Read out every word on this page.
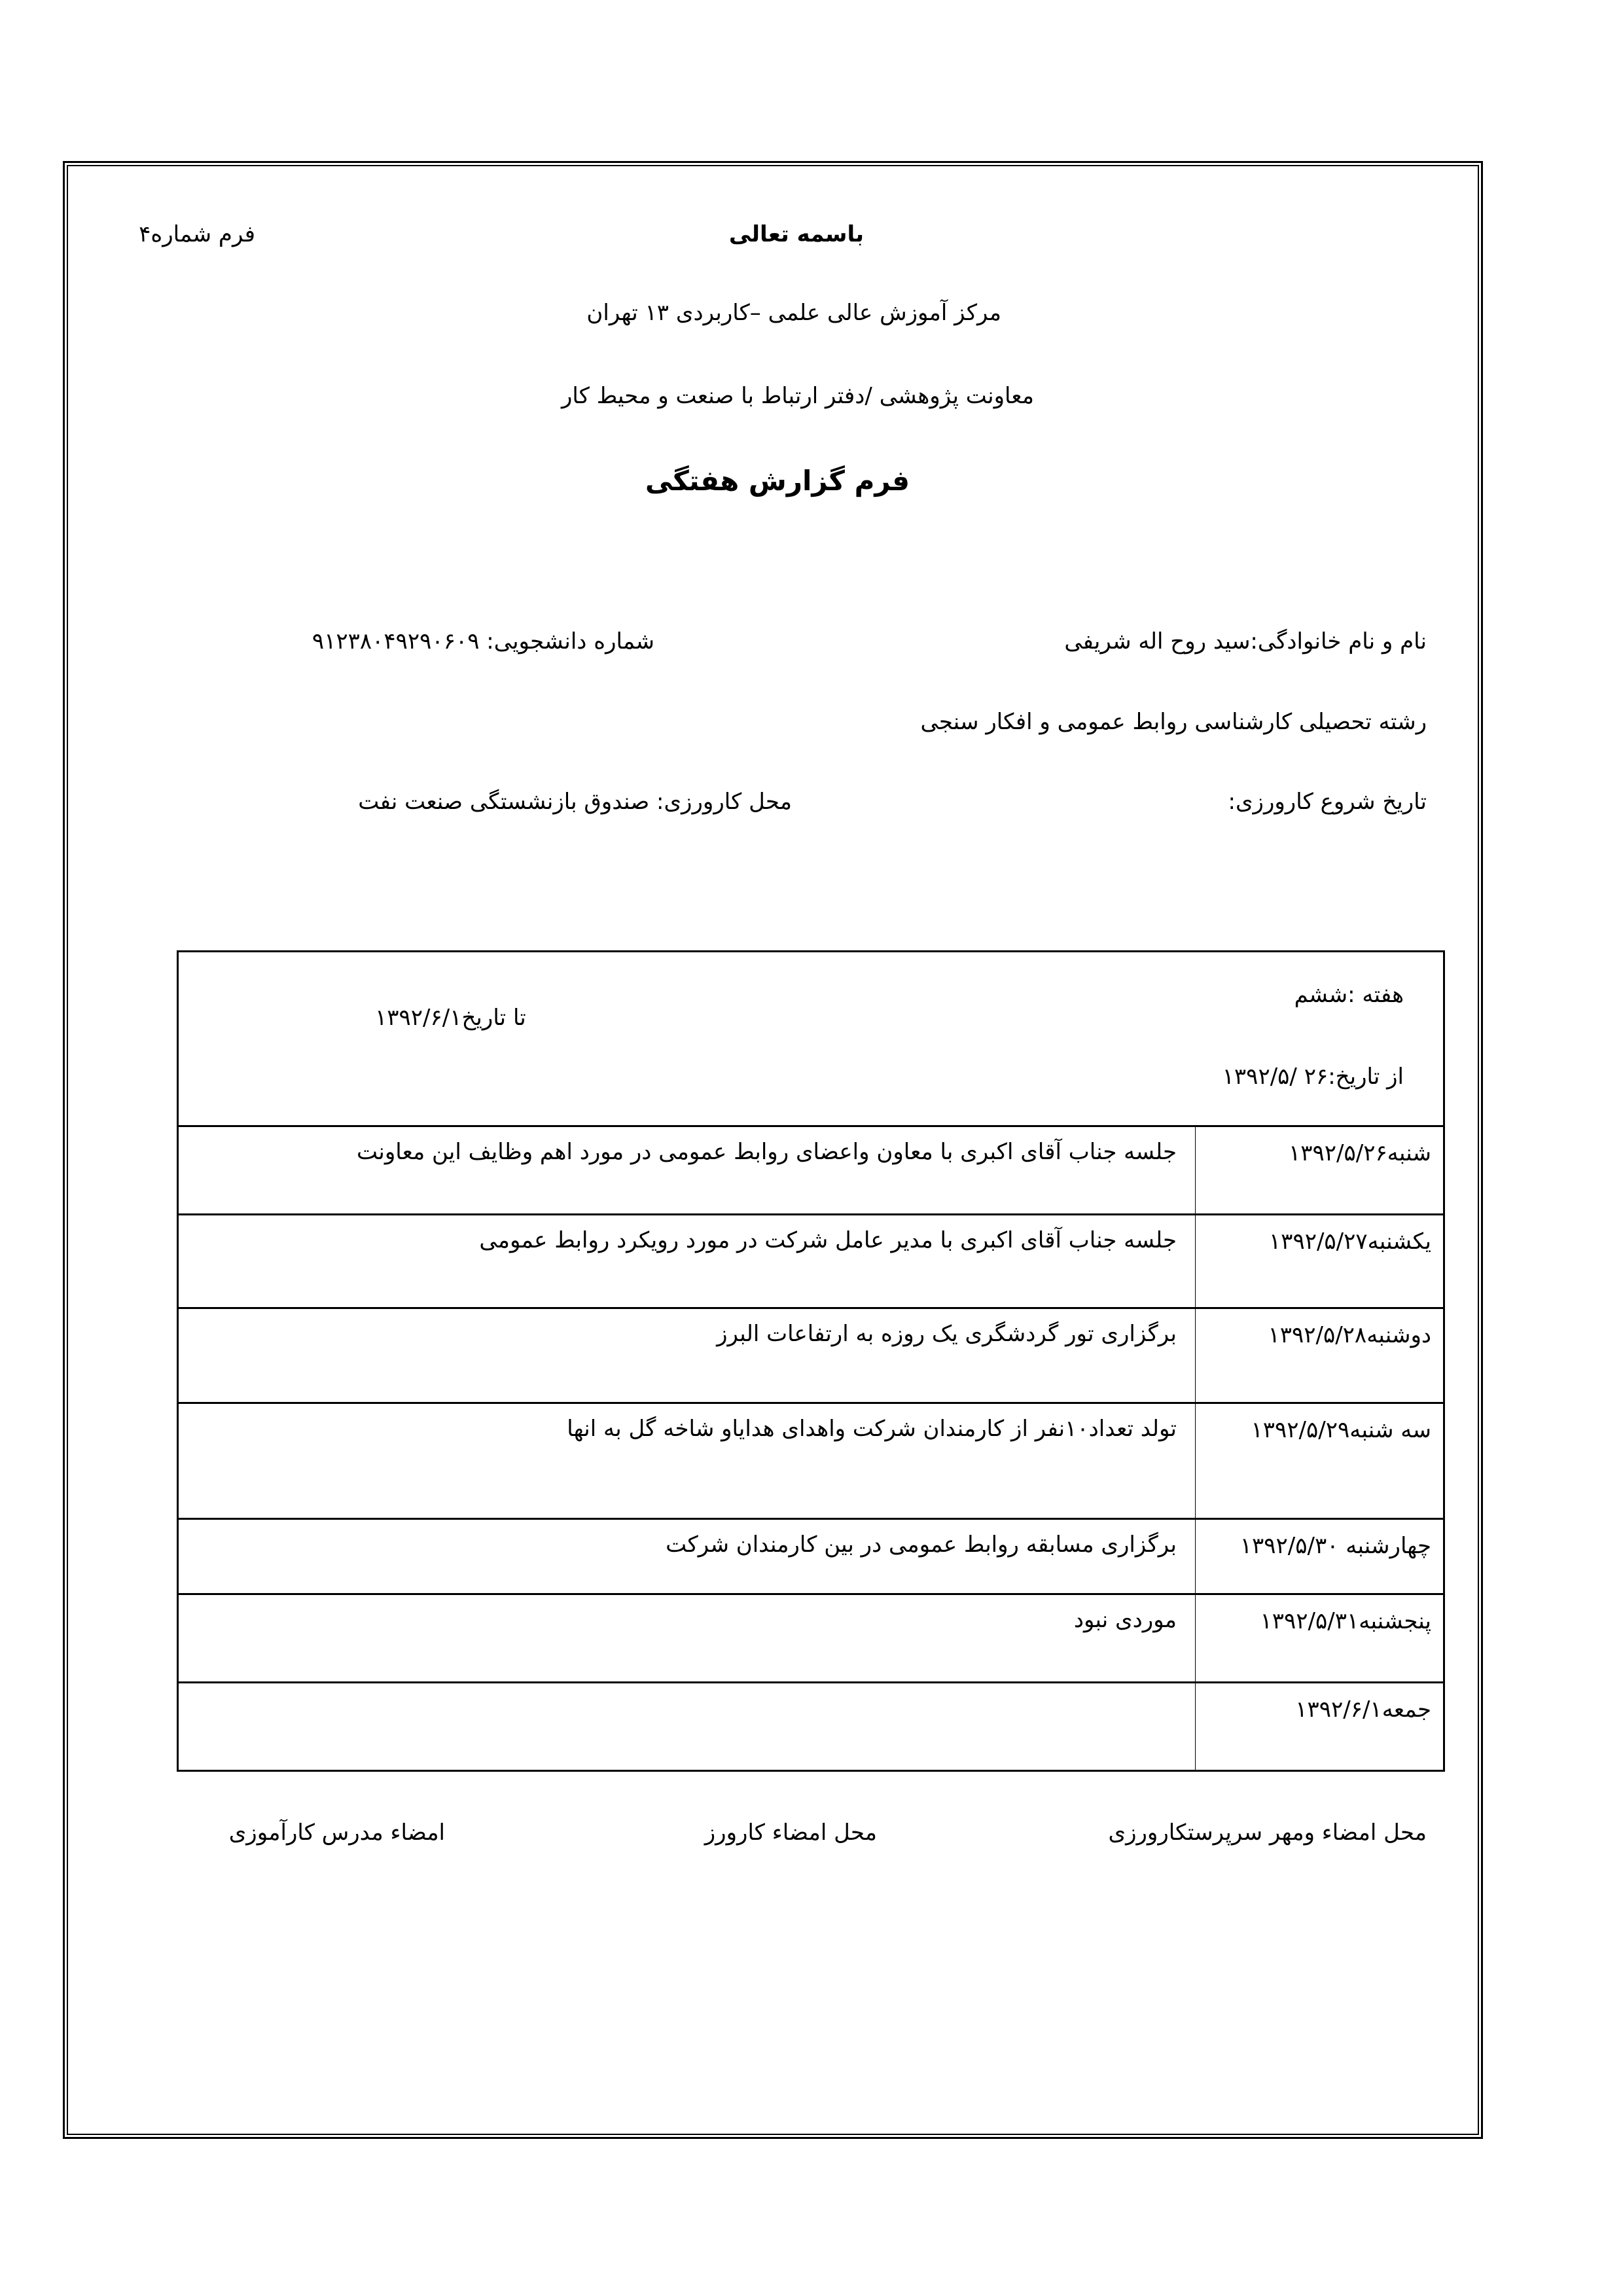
فرم شماره۴	باسمه تعالی
مرکز آموزش عالی علمی –کاربردی ۱۳ تهران
معاونت پژوهشی /دفتر ارتباط با صنعت و محیط کار
فرم گزارش هفتگی
نام و نام خانوادگی:سید روح اله شریفی
شماره دانشجویی: ۹۱۲۳۸۰۴۹۲۹۰۶۰۹
رشته تحصیلی کارشناسی روابط عمومی و افکار سنجی
تاریخ شروع کارورزی:
محل کارورزی: صندوق بازنشستگی صنعت نفت
هفته :ششم
از تاریخ:۲۶ /۱۳۹۲/۵
تا تاریخ۱۳۹۲/۶/۱	

شنبه۱۳۹۲/۵/۲۶	جلسه جناب آقای اکبری با معاون واعضای روابط عمومی در مورد اهم وظایف این معاونت
یکشنبه۱۳۹۲/۵/۲۷	جلسه جناب آقای اکبری با مدیر عامل شرکت در مورد رویکرد روابط عمومی
دوشنبه۱۳۹۲/۵/۲۸	برگزاری تور گردشگری یک روزه به ارتفاعات البرز
سه شنبه۱۳۹۲/۵/۲۹	تولد تعداد۱۰نفر از کارمندان شرکت واهدای هدایاو شاخه گل به انها
چهارشنبه ۱۳۹۲/۵/۳۰	برگزاری مسابقه روابط عمومی در بین کارمندان شرکت
پنجشنبه۱۳۹۲/۵/۳۱	موردی نبود
جمعه۱۳۹۲/۶/۱	
محل امضاء ومهر سرپرستکارورزی
محل امضاء کارورز
امضاء مدرس کارآموزی
